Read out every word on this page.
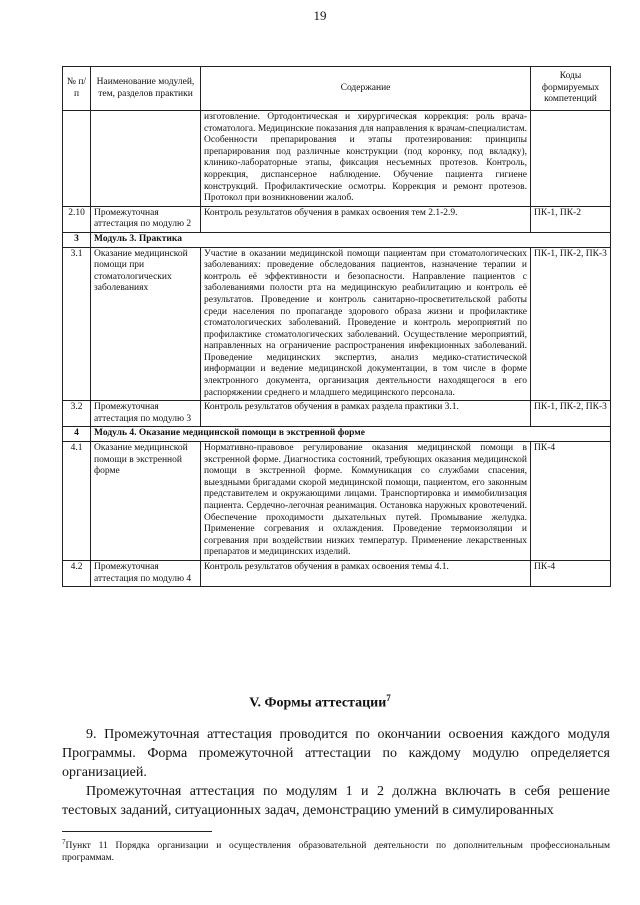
19
№ п/п	Наименование модулей, тем, разделов практики	Содержание	Коды формируемых компетенций
		изготовление. Ортодонтическая и хирургическая коррекция: роль врача-стоматолога. Медицинские показания для направления к врачам-специалистам. Особенности препарирования и этапы протезирования: принципы препарирования под различные конструкции (под коронку, под вкладку), клинико-лабораторные этапы, фиксация несъемных протезов. Контроль, коррекция, диспансерное наблюдение. Обучение пациента гигиене конструкций. Профилактические осмотры. Коррекция и ремонт протезов. Протокол при возникновении жалоб.	
2.10	Промежуточная аттестация по модулю 2	Контроль результатов обучения в рамках освоения тем 2.1-2.9.	ПК-1, ПК-2
3	Модуль 3. Практика		
3.1	Оказание медицинской помощи при стоматологических заболеваниях	Участие в оказании медицинской помощи пациентам при стоматологических заболеваниях: проведение обследования пациентов, назначение терапии и контроль её эффективности и безопасности. Направление пациентов с заболеваниями полости рта на медицинскую реабилитацию и контроль её результатов. Проведение и контроль санитарно-просветительской работы среди населения по пропаганде здорового образа жизни и профилактике стоматологических заболеваний. Проведение и контроль мероприятий по профилактике стоматологических заболеваний. Осуществление мероприятий, направленных на ограничение распространения инфекционных заболеваний. Проведение медицинских экспертиз, анализ медико-статистической информации и ведение медицинской документации, в том числе в форме электронного документа, организация деятельности находящегося в его распоряжении среднего и младшего медицинского персонала.	ПК-1, ПК-2, ПК-3
3.2	Промежуточная аттестация по модулю 3	Контроль результатов обучения в рамках раздела практики 3.1.	ПК-1, ПК-2, ПК-3
4	Модуль 4. Оказание медицинской помощи в экстренной форме		
4.1	Оказание медицинской помощи в экстренной форме	Нормативно-правовое регулирование оказания медицинской помощи в экстренной форме. Диагностика состояний, требующих оказания медицинской помощи в экстренной форме. Коммуникация со службами спасения, выездными бригадами скорой медицинской помощи, пациентом, его законным представителем и окружающими лицами. Транспортировка и иммобилизация пациента. Сердечно-легочная реанимация. Остановка наружных кровотечений. Обеспечение проходимости дыхательных путей. Промывание желудка. Применение согревания и охлаждения. Проведение термоизоляции и согревания при воздействии низких температур. Применение лекарственных препаратов и медицинских изделий.	ПК-4
4.2	Промежуточная аттестация по модулю 4	Контроль результатов обучения в рамках освоения темы 4.1.	ПК-4
V. Формы аттестации$^7$

9. Промежуточная аттестация проводится по окончании освоения каждого модуля Программы. Форма промежуточной аттестации по каждому модулю определяется организацией.

Промежуточная аттестация по модулям 1 и 2 должна включать в себя решение тестовых заданий, ситуационных задач, демонстрацию умений в симулированных

$^7$Пункт 11 Порядка организации и осуществления образовательной деятельности по дополнительным профессиональным программам.
